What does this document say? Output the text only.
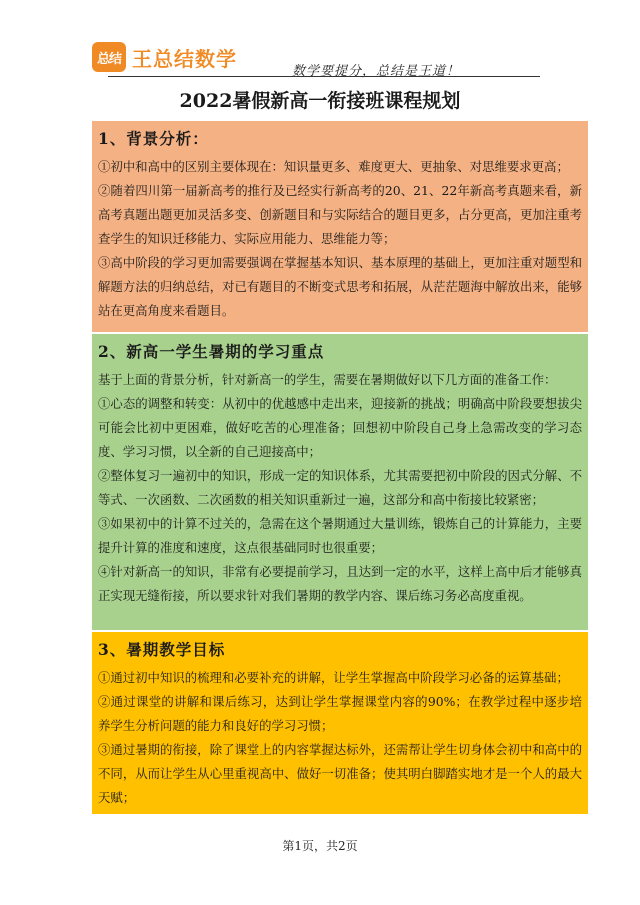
总结 王总结数学
数学要提分，总结是王道！
2022暑假新高一衔接班课程规划
1、背景分析：

①初中和高中的区别主要体现在：知识量更多、难度更大、更抽象、对思维要求更高；

②随着四川第一届新高考的推行及已经实行新高考的20、21、22年新高考真题来看，新高考真题出题更加灵活多变、创新题目和与实际结合的题目更多，占分更高，更加注重考查学生的知识迁移能力、实际应用能力、思维能力等；

③高中阶段的学习更加需要强调在掌握基本知识、基本原理的基础上，更加注重对题型和解题方法的归纳总结，对已有题目的不断变式思考和拓展，从茫茫题海中解放出来，能够站在更高角度来看题目。

2、新高一学生暑期的学习重点

基于上面的背景分析，针对新高一的学生，需要在暑期做好以下几方面的准备工作：

①心态的调整和转变：从初中的优越感中走出来，迎接新的挑战；明确高中阶段要想拔尖可能会比初中更困难，做好吃苦的心理准备；回想初中阶段自己身上急需改变的学习态度、学习习惯，以全新的自己迎接高中；

②整体复习一遍初中的知识，形成一定的知识体系，尤其需要把初中阶段的因式分解、不等式、一次函数、二次函数的相关知识重新过一遍，这部分和高中衔接比较紧密；

③如果初中的计算不过关的，急需在这个暑期通过大量训练，锻炼自己的计算能力，主要提升计算的准度和速度，这点很基础同时也很重要；

④针对新高一的知识，非常有必要提前学习，且达到一定的水平，这样上高中后才能够真正实现无缝衔接，所以要求针对我们暑期的教学内容、课后练习务必高度重视。

3、暑期教学目标

①通过初中知识的梳理和必要补充的讲解，让学生掌握高中阶段学习必备的运算基础；

②通过课堂的讲解和课后练习，达到让学生掌握课堂内容的90%；在教学过程中逐步培养学生分析问题的能力和良好的学习习惯；

③通过暑期的衔接，除了课堂上的内容掌握达标外，还需帮让学生切身体会初中和高中的不同，从而让学生从心里重视高中、做好一切准备；使其明白脚踏实地才是一个人的最大天赋；

第1页，共2页
